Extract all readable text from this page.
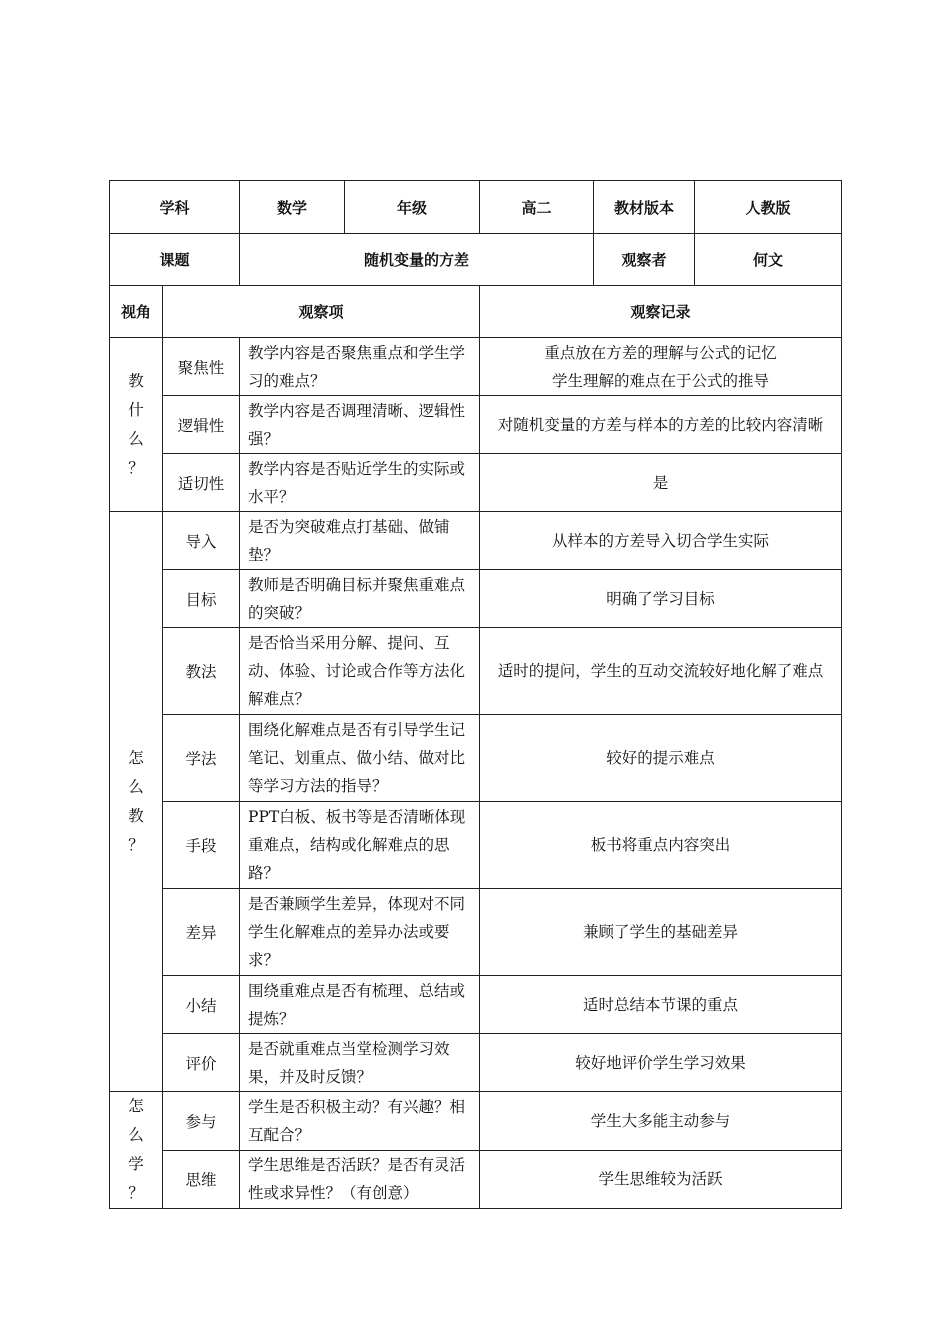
学科		数学	年级	高二	教材版本	人教版
课题		随机变量的方差			观察者	何文
视角	观察项			观察记录		

教
什
么
？	聚焦性	教学内容是否聚焦重点和学生学习的难点？		重点放在方差的理解与公式的记忆
学生理解的难点在于公式的推导		
	逻辑性	教学内容是否调理清晰、逻辑性强？		对随机变量的方差与样本的方差的比较内容清晰		
	适切性	教学内容是否贴近学生的实际或水平？		是		

怎
么
教
？	导入	是否为突破难点打基础、做铺垫？		从样本的方差导入切合学生实际		
	目标	教师是否明确目标并聚焦重难点的突破？		明确了学习目标		
	教法	是否恰当采用分解、提问、互动、体验、讨论或合作等方法化解难点？		适时的提问，学生的互动交流较好地化解了难点		
	学法	围绕化解难点是否有引导学生记笔记、划重点、做小结、做对比等学习方法的指导？		较好的提示难点		
	手段	PPT白板、板书等是否清晰体现重难点，结构或化解难点的思路？		板书将重点内容突出		
	差异	是否兼顾学生差异，体现对不同学生化解难点的差异办法或要求？		兼顾了学生的基础差异		
	小结	围绕重难点是否有梳理、总结或提炼？		适时总结本节课的重点		
	评价	是否就重难点当堂检测学习效果，并及时反馈？		较好地评价学生学习效果		

怎
么
学
？	参与	学生是否积极主动？有兴趣？相互配合？		学生大多能主动参与		
	思维	学生思维是否活跃？是否有灵活性或求异性？（有创意）		学生思维较为活跃		
